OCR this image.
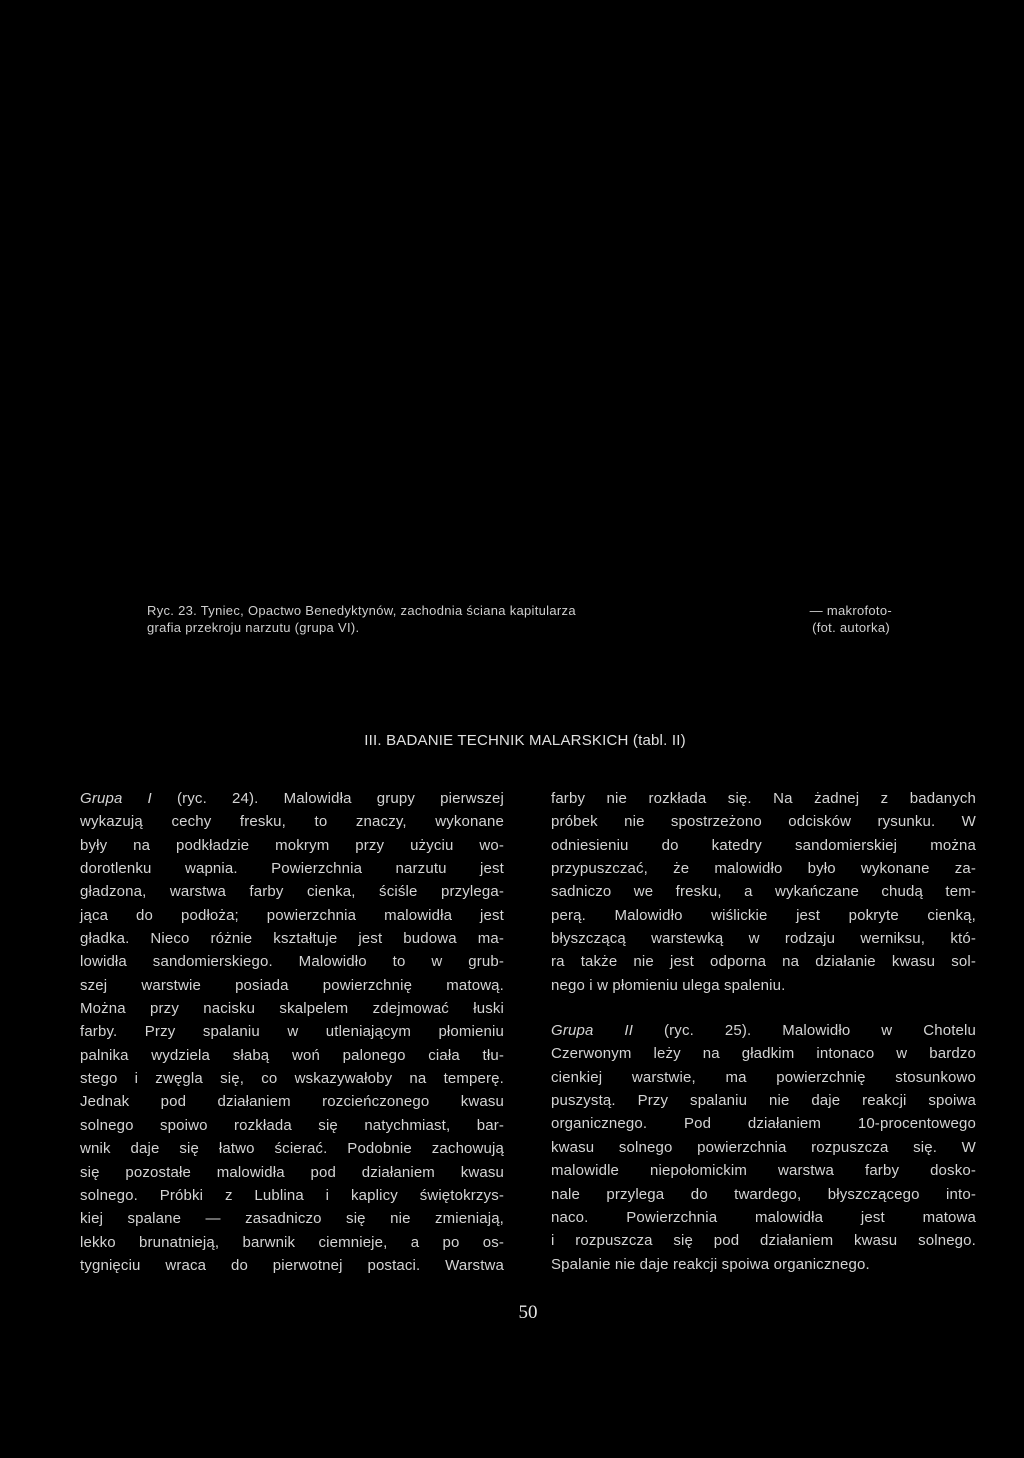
Ryc. 23. Tyniec, Opactwo Benedyktynów, zachodnia ściana kapitularza	— makrofoto-
grafia przekroju narzutu (grupa VI).	(fot. autorka)
III. BADANIE TECHNIK MALARSKICH (tabl. II)
Grupa I (ryc. 24). Malowidła grupy pierwszej
wykazują cechy fresku, to znaczy, wykonane
były na podkładzie mokrym przy użyciu wo-
dorotlenku wapnia. Powierzchnia narzutu jest
gładzona, warstwa farby cienka, ściśle przylega-
jąca do podłoża; powierzchnia malowidła jest
gładka. Nieco różnie kształtuje jest budowa ma-
lowidła sandomierskiego. Malowidło to w grub-
szej warstwie posiada powierzchnię matową.
Można przy nacisku skalpelem zdejmować łuski
farby. Przy spalaniu w utleniającym płomieniu
palnika wydziela słabą woń palonego ciała tłu-
stego i zwęgla się, co wskazywałoby na temperę.
Jednak pod działaniem rozcieńczonego kwasu
solnego spoiwo rozkłada się natychmiast, bar-
wnik daje się łatwo ścierać. Podobnie zachowują
się pozostałe malowidła pod działaniem kwasu
solnego. Próbki z Lublina i kaplicy świętokrzys-
kiej spalane — zasadniczo się nie zmieniają,
lekko brunatnieją, barwnik ciemnieje, a po os-
tygnięciu wraca do pierwotnej postaci. Warstwa
farby nie rozkłada się. Na żadnej z badanych
próbek nie spostrzeżono odcisków rysunku. W
odniesieniu do katedry sandomierskiej można
przypuszczać, że malowidło było wykonane za-
sadniczo we fresku, a wykańczane chudą tem-
perą. Malowidło wiślickie jest pokryte cienką,
błyszczącą warstewką w rodzaju werniksu, któ-
ra także nie jest odporna na działanie kwasu sol-
nego i w płomieniu ulega spaleniu.
Grupa II (ryc. 25). Malowidło w Chotelu
Czerwonym leży na gładkim intonaco w bardzo
cienkiej warstwie, ma powierzchnię stosunkowo
puszystą. Przy spalaniu nie daje reakcji spoiwa
organicznego. Pod działaniem 10-procentowego
kwasu solnego powierzchnia rozpuszcza się. W
malowidle niepołomickim warstwa farby dosko-
nale przylega do twardego, błyszczącego into-
naco. Powierzchnia malowidła jest matowa
i rozpuszcza się pod działaniem kwasu solnego.
Spalanie nie daje reakcji spoiwa organicznego.
50
